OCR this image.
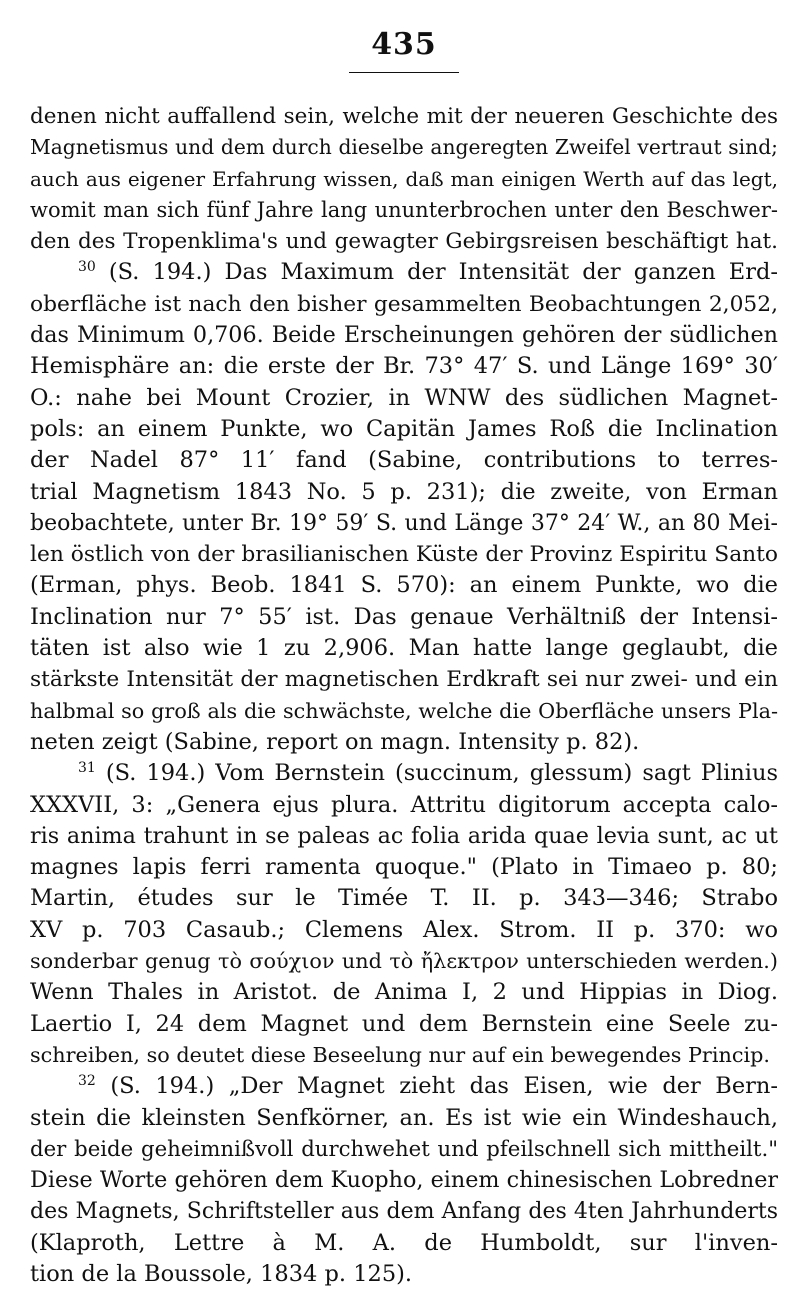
435
denen nicht auffallend sein, welche mit der neueren Geschichte des
Magnetismus und dem durch dieselbe angeregten Zweifel vertraut sind;
auch aus eigener Erfahrung wissen, daß man einigen Werth auf das legt,
womit man sich fünf Jahre lang ununterbrochen unter den Beschwer-
den des Tropenklima's und gewagter Gebirgsreisen beschäftigt hat.
$^{30}$ (S. 194.) Das Maximum der Intensität der ganzen Erd-
oberfläche ist nach den bisher gesammelten Beobachtungen 2,052,
das Minimum 0,706. Beide Erscheinungen gehören der südlichen
Hemisphäre an: die erste der Br. 73° 47′ S. und Länge 169° 30′
O.: nahe bei Mount Crozier, in WNW des südlichen Magnet-
pols: an einem Punkte, wo Capitän James Roß die Inclination
der Nadel 87° 11′ fand (Sabine, contributions to terres-
trial Magnetism 1843 No. 5 p. 231); die zweite, von Erman
beobachtete, unter Br. 19° 59′ S. und Länge 37° 24′ W., an 80 Mei-
len östlich von der brasilianischen Küste der Provinz Espiritu Santo
(Erman, phys. Beob. 1841 S. 570): an einem Punkte, wo die
Inclination nur 7° 55′ ist. Das genaue Verhältniß der Intensi-
täten ist also wie 1 zu 2,906. Man hatte lange geglaubt, die
stärkste Intensität der magnetischen Erdkraft sei nur zwei- und ein
halbmal so groß als die schwächste, welche die Oberfläche unsers Pla-
neten zeigt (Sabine, report on magn. Intensity p. 82).
$^{31}$ (S. 194.) Vom Bernstein (succinum, glessum) sagt Plinius
XXXVII, 3: „Genera ejus plura. Attritu digitorum accepta calo-
ris anima trahunt in se paleas ac folia arida quae levia sunt, ac ut
magnes lapis ferri ramenta quoque." (Plato in Timaeo p. 80;
Martin, études sur le Timée T. II. p. 343—346; Strabo
XV p. 703 Casaub.; Clemens Alex. Strom. II p. 370: wo
sonderbar genug τὸ σούχιον und τὸ ἤλεκτρον unterschieden werden.)
Wenn Thales in Aristot. de Anima I, 2 und Hippias in Diog.
Laertio I, 24 dem Magnet und dem Bernstein eine Seele zu-
schreiben, so deutet diese Beseelung nur auf ein bewegendes Princip.
$^{32}$ (S. 194.) „Der Magnet zieht das Eisen, wie der Bern-
stein die kleinsten Senfkörner, an. Es ist wie ein Windeshauch,
der beide geheimnißvoll durchwehet und pfeilschnell sich mittheilt."
Diese Worte gehören dem Kuopho, einem chinesischen Lobredner
des Magnets, Schriftsteller aus dem Anfang des 4ten Jahrhunderts
(Klaproth, Lettre à M. A. de Humboldt, sur l'inven-
tion de la Boussole, 1834 p. 125).
